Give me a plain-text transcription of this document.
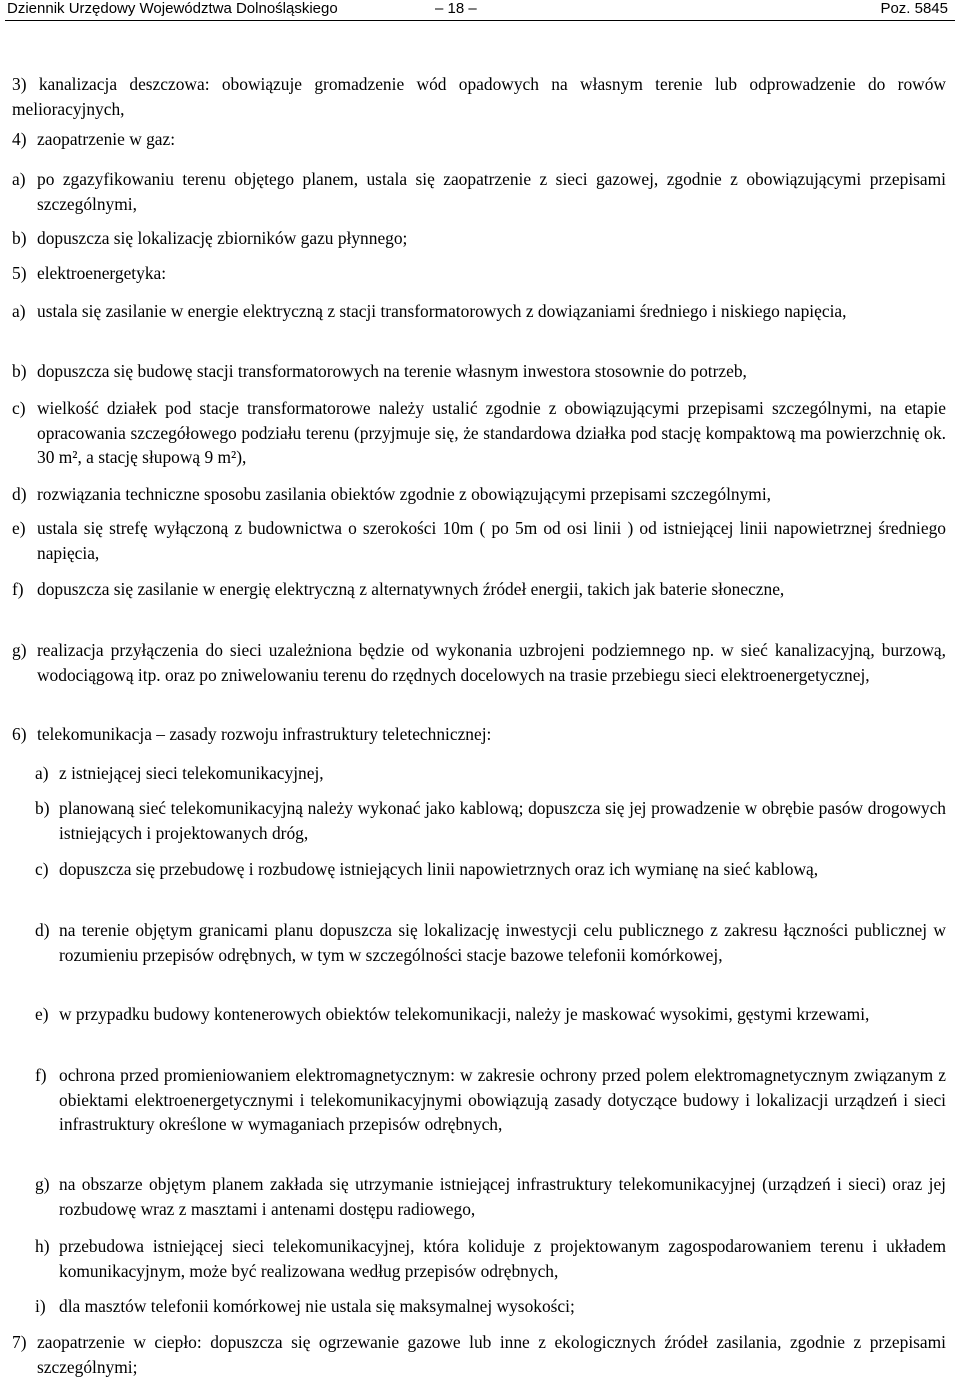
Dziennik Urzędowy Województwa Dolnośląskiego	– 18 –	Poz. 5845
3) kanalizacja deszczowa: obowiązuje gromadzenie wód opadowych na własnym terenie lub odprowadzenie do rowów melioracyjnych,
4) zaopatrzenie w gaz:
a) po zgazyfikowaniu terenu objętego planem, ustala się zaopatrzenie z sieci gazowej, zgodnie z obowiązującymi przepisami szczególnymi,
b) dopuszcza się lokalizację zbiorników gazu płynnego;
5) elektroenergetyka:
a) ustala się zasilanie w energie elektryczną z stacji transformatorowych z dowiązaniami średniego i niskiego napięcia,
b) dopuszcza się budowę stacji transformatorowych na terenie własnym inwestora stosownie do potrzeb,
c) wielkość działek pod stacje transformatorowe należy ustalić zgodnie z obowiązującymi przepisami szczególnymi, na etapie opracowania szczegółowego podziału terenu (przyjmuje się, że standardowa działka pod stację kompaktową ma powierzchnię ok. 30 m², a stację słupową 9 m²),
d) rozwiązania techniczne sposobu zasilania obiektów zgodnie z obowiązującymi przepisami szczególnymi,
e) ustala się strefę wyłączoną z budownictwa o szerokości 10m ( po 5m od osi linii ) od istniejącej linii napowietrznej średniego napięcia,
f) dopuszcza się zasilanie w energię elektryczną z alternatywnych źródeł energii, takich jak baterie słoneczne,
g) realizacja przyłączenia do sieci uzależniona będzie od wykonania uzbrojeni podziemnego np. w sieć kanalizacyjną, burzową, wodociągową itp. oraz po zniwelowaniu terenu do rzędnych docelowych na trasie przebiegu sieci elektroenergetycznej,
6) telekomunikacja – zasady rozwoju infrastruktury teletechnicznej:
a) z istniejącej sieci telekomunikacyjnej,
b) planowaną sieć telekomunikacyjną należy wykonać jako kablową; dopuszcza się jej prowadzenie w obrębie pasów drogowych istniejących i projektowanych dróg,
c) dopuszcza się przebudowę i rozbudowę istniejących linii napowietrznych oraz ich wymianę na sieć kablową,
d) na terenie objętym granicami planu dopuszcza się lokalizację inwestycji celu publicznego z zakresu łączności publicznej w rozumieniu przepisów odrębnych, w tym w szczególności stacje bazowe telefonii komórkowej,
e) w przypadku budowy kontenerowych obiektów telekomunikacji, należy je maskować wysokimi, gęstymi krzewami,
f) ochrona przed promieniowaniem elektromagnetycznym: w zakresie ochrony przed polem elektromagnetycznym związanym z obiektami elektroenergetycznymi i telekomunikacyjnymi obowiązują zasady dotyczące budowy i lokalizacji urządzeń i sieci infrastruktury określone w wymaganiach przepisów odrębnych,
g) na obszarze objętym planem zakłada się utrzymanie istniejącej infrastruktury telekomunikacyjnej (urządzeń i sieci) oraz jej rozbudowę wraz z masztami i antenami dostępu radiowego,
h) przebudowa istniejącej sieci telekomunikacyjnej, która koliduje z projektowanym zagospodarowaniem terenu i układem komunikacyjnym, może być realizowana według przepisów odrębnych,
i) dla masztów telefonii komórkowej nie ustala się maksymalnej wysokości;
7) zaopatrzenie w ciepło: dopuszcza się ogrzewanie gazowe lub inne z ekologicznych źródeł zasilania, zgodnie z przepisami szczególnymi;
